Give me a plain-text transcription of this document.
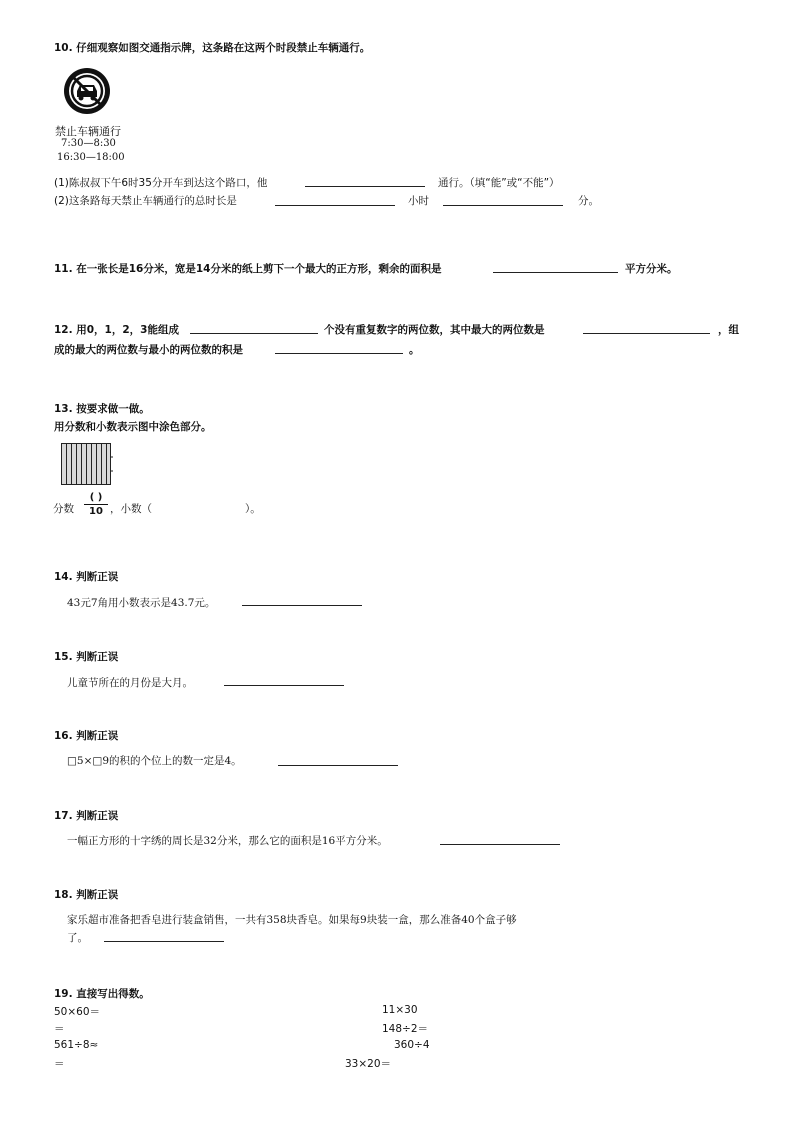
10. 仔细观察如图交通指示牌，这条路在这两个时段禁止车辆通行。
禁止车辆通行
7:30—8:30
16:30—18:00
(1)陈叔叔下午6时35分开车到达这个路口，他	通行。（填“能”或“不能”）
(2)这条路每天禁止车辆通行的总时长是	小时	分。
11. 在一张长是16分米，宽是14分米的纸上剪下一个最大的正方形，剩余的面积是	平方分米。
12. 用0，1，2，3能组成	个没有重复数字的两位数，其中最大的两位数是	，组
成的最大的两位数与最小的两位数的积是	。
13. 按要求做一做。
用分数和小数表示图中涂色部分。
分数
( )
10 ，小数（	）。
14. 判断正误
43元7角用小数表示是43.7元。
15. 判断正误
儿童节所在的月份是大月。
16. 判断正误
□5×□9的积的个位上的数一定是4。
17. 判断正误
一幅正方形的十字绣的周长是32分米，那么它的面积是16平方分米。
18. 判断正误
家乐超市准备把香皂进行装盒销售，一共有358块香皂。如果每9块装一盒，那么准备40个盒子够
了。
19. 直接写出得数。
50×60＝	11×30
＝	148÷2＝
561÷8≈	360÷4
＝	33×20＝
